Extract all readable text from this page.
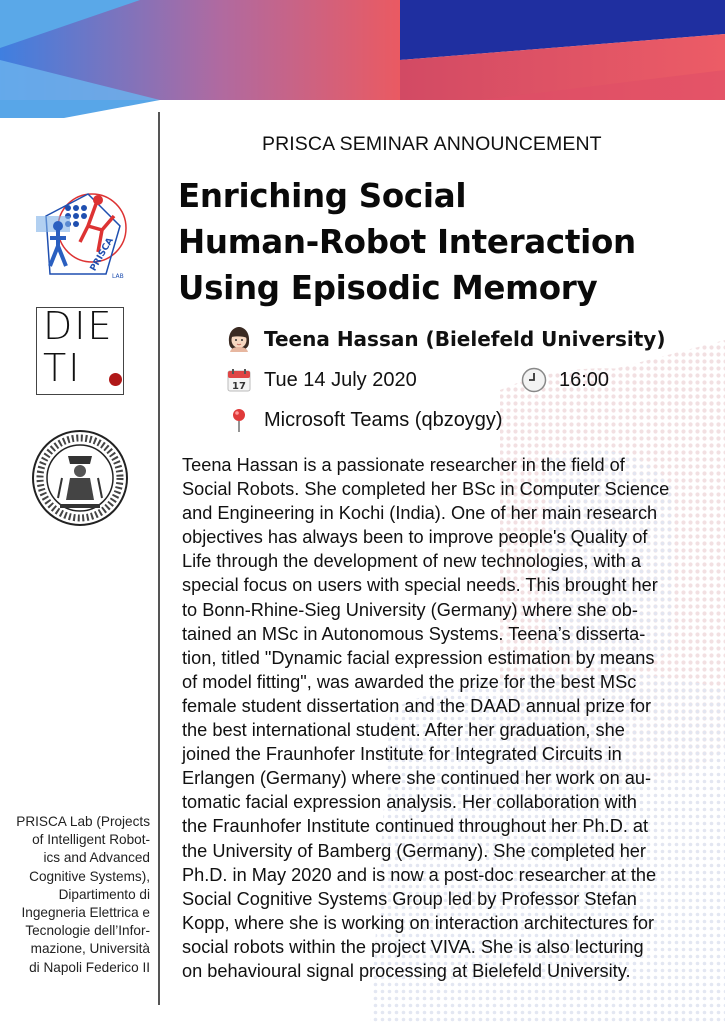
PRISCA
LAB
DIE
TI
PRISCA Lab (Projects
of Intelligent Robot-
ics and Advanced
Cognitive Systems),
Dipartimento di
Ingegneria Elettrica e
Tecnologie dell’Infor-
mazione, Università
di Napoli Federico II
PRISCA SEMINAR ANNOUNCEMENT
Enriching Social
Human-Robot Interaction
Using Episodic Memory
Teena Hassan (Bielefeld University)
17 Tue 14 July 2020	16:00
Microsoft Teams (qbzoygy)
Teena Hassan is a passionate researcher in the field of
Social Robots. She completed her BSc in Computer Science
and Engineering in Kochi (India). One of her main research
objectives has always been to improve people's Quality of
Life through the development of new technologies, with a
special focus on users with special needs. This brought her
to Bonn-Rhine-Sieg University (Germany) where she ob-
tained an MSc in Autonomous Systems. Teena’s disserta-
tion, titled "Dynamic facial expression estimation by means
of model fitting", was awarded the prize for the best MSc
female student dissertation and the DAAD annual prize for
the best international student. After her graduation, she
joined the Fraunhofer Institute for Integrated Circuits in
Erlangen (Germany) where she continued her work on au-
tomatic facial expression analysis. Her collaboration with
the Fraunhofer Institute continued throughout her Ph.D. at
the University of Bamberg (Germany). She completed her
Ph.D. in May 2020 and is now a post-doc researcher at the
Social Cognitive Systems Group led by Professor Stefan
Kopp, where she is working on interaction architectures for
social robots within the project VIVA. She is also lecturing
on behavioural signal processing at Bielefeld University.
